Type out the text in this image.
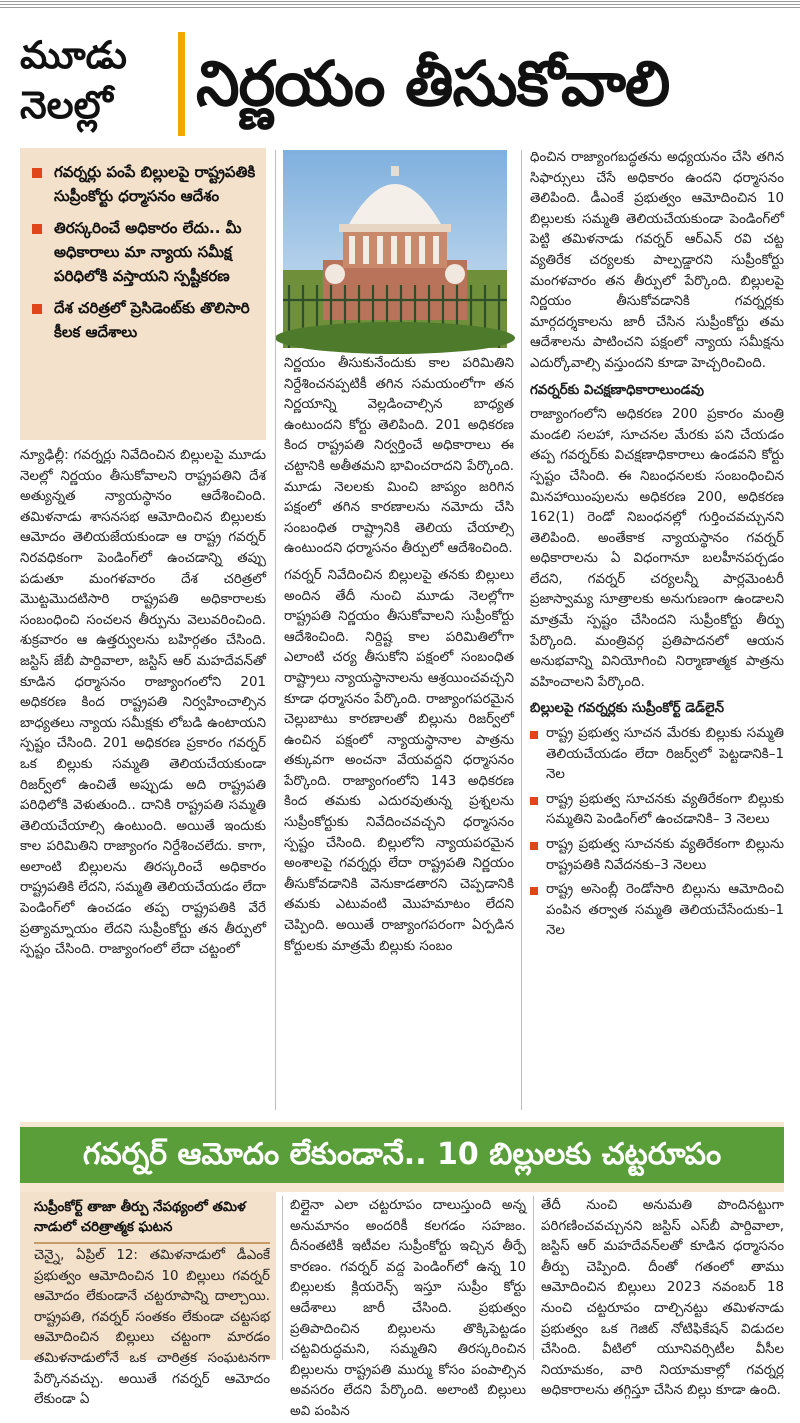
మూడు
నెలల్లో	నిర్ణయం తీసుకోవాలి
గవర్నర్లు పంపే బిల్లులపై రాష్ట్రపతికి సుప్రీంకోర్టు ధర్మాసనం ఆదేశం
తిరస్కరించే అధికారం లేదు.. మీ అధికారాలు మా న్యాయ సమీక్ష పరిధిలోకి వస్తాయని స్పష్టీకరణ
దేశ చరిత్రలో ప్రెసిడెంట్‌కు తొలిసారి కీలక ఆదేశాలు

న్యూఢిల్లీ: గవర్నర్లు నివేదించిన బిల్లులపై మూడు నెలల్లో నిర్ణయం తీసుకోవాలని రాష్ట్రపతిని దేశ అత్యున్నత న్యాయస్థానం ఆదేశించింది. తమిళనాడు శాసనసభ ఆమోదించిన బిల్లులకు ఆమోదం తెలియజేయకుండా ఆ రాష్ట్ర గవర్నర్ నిరవధికంగా పెండింగ్‌లో ఉంచడాన్ని తప్పు పడుతూ మంగళవారం దేశ చరిత్రలో మొట్టమొదటిసారి రాష్ట్రపతి అధికారాలకు సంబంధించి సంచలన తీర్పును వెలువరించింది. శుక్రవారం ఆ ఉత్తర్వులను బహిర్గతం చేసింది. జస్టిస్ జేబీ పార్దివాలా, జస్టిస్ ఆర్ మహదేవన్‌తో కూడిన ధర్మాసనం రాజ్యాంగంలోని 201 అధికరణ కింద రాష్ట్రపతి నిర్వహించాల్సిన బాధ్యతలు న్యాయ సమీక్షకు లోబడి ఉంటాయని స్పష్టం చేసింది. 201 అధికరణ ప్రకారం గవర్నర్ ఒక బిల్లుకు సమ్మతి తెలియచేయకుండా రిజర్వ్‌లో ఉంచితే అప్పుడు అది రాష్ట్రపతి పరిధిలోకి వెళుతుంది.. దానికి రాష్ట్రపతి సమ్మతి తెలియచేయాల్సి ఉంటుంది. అయితే ఇందుకు కాల పరిమితిని రాజ్యాంగం నిర్దేశించలేదు. కాగా, అలాంటి బిల్లులను తిరస్కరించే అధికారం రాష్ట్రపతికి లేదని, సమ్మతి తెలియచేయడం లేదా పెండింగ్‌లో ఉంచడం తప్ప రాష్ట్రపతికి వేరే ప్రత్యామ్నాయం లేదని సుప్రీంకోర్టు తన తీర్పులో స్పష్టం చేసింది. రాజ్యాంగంలో లేదా చట్టంలో

నిర్ణయం తీసుకునేందుకు కాల పరిమితిని నిర్దేశించనప్పటికీ తగిన సమయంలోగా తన నిర్ణయాన్ని వెల్లడించాల్సిన బాధ్యత ఉంటుందని కోర్టు తెలిపింది. 201 అధికరణ కింద రాష్ట్రపతి నిర్వర్తించే అధికారాలు ఈ చట్టానికి అతీతమని భావించరాదని పేర్కొంది. మూడు నెలలకు మించి జాప్యం జరిగిన పక్షంలో తగిన కారణాలను నమోదు చేసి సంబంధిత రాష్ట్రానికి తెలియ చేయాల్సి ఉంటుందని ధర్మాసనం తీర్పులో ఆదేశించింది.

గవర్నర్ నివేదించిన బిల్లులపై తనకు బిల్లులు అందిన తేదీ నుంచి మూడు నెలల్లోగా రాష్ట్రపతి నిర్ణయం తీసుకోవాలని సుప్రీంకోర్టు ఆదేశించింది. నిర్దిష్ట కాల పరిమితిలోగా ఎలాంటి చర్య తీసుకోని పక్షంలో సంబంధిత రాష్ట్రాలు న్యాయస్థానాలను ఆశ్రయించవచ్చని కూడా ధర్మాసనం పేర్కొంది. రాజ్యాంగపరమైన చెల్లుబాటు కారణాలతో బిల్లును రిజర్వ్‌లో ఉంచిన పక్షంలో న్యాయస్థానాల పాత్రను తక్కువగా అంచనా వేయవద్దని ధర్మాసనం పేర్కొంది. రాజ్యాంగంలోని 143 అధికరణ కింద తమకు ఎదురవుతున్న ప్రశ్నలను సుప్రీంకోర్టుకు నివేదించవచ్చని ధర్మాసనం స్పష్టం చేసింది. బిల్లులోని న్యాయపరమైన అంశాలపై గవర్నర్లు లేదా రాష్ట్రపతి నిర్ణయం తీసుకోవడానికి వెనుకాడతారని చెప్పడానికి తమకు ఎటువంటి మొహమాటం లేదని చెప్పింది. అయితే రాజ్యాంగపరంగా ఏర్పడిన కోర్టులకు మాత్రమే బిల్లుకు సంబం

ధించిన రాజ్యాంగబద్ధతను అధ్యయనం చేసి తగిన సిఫార్సులు చేసే అధికారం ఉందని ధర్మాసనం తెలిపింది. డీఎంకే ప్రభుత్వం ఆమోదించిన 10 బిల్లులకు సమ్మతి తెలియచేయకుండా పెండింగ్‌లో పెట్టి తమిళనాడు గవర్నర్ ఆర్‌ఎన్ రవి చట్ట వ్యతిరేక చర్యలకు పాల్పడ్డారని సుప్రీంకోర్టు మంగళవారం తన తీర్పులో పేర్కొంది. బిల్లులపై నిర్ణయం తీసుకోవడానికి గవర్నర్లకు మార్గదర్శకాలను జారీ చేసిన సుప్రీంకోర్టు తమ ఆదేశాలను పాటించని పక్షంలో న్యాయ సమీక్షను ఎదుర్కోవాల్సి వస్తుందని కూడా హెచ్చరించింది.

గవర్నర్‌కు విచక్షణాధికారాలుండవు

రాజ్యాంగంలోని అధికరణ 200 ప్రకారం మంత్రి మండలి సలహా, సూచనల మేరకు పని చేయడం తప్ప గవర్నర్‌కు విచక్షణాధికారాలు ఉండవని కోర్టు స్పష్టం చేసింది. ఈ నిబంధనలకు సంబంధించిన మినహాయింపులను అధికరణ 200, అధికరణ 162(1) రెండో నిబంధనల్లో గుర్తించవచ్చునని తెలిపింది. అంతేకాక న్యాయస్థానం గవర్నర్ అధికారాలను ఏ విధంగానూ బలహీనపర్చడం లేదని, గవర్నర్ చర్యలన్నీ పార్లమెంటరీ ప్రజాస్వామ్య సూత్రాలకు అనుగుణంగా ఉండాలని మాత్రమే స్పష్టం చేసిందని సుప్రీంకోర్టు తీర్పు పేర్కొంది. మంత్రివర్గ ప్రతిపాదనలో ఆయన అనుభవాన్ని వినియోగించి నిర్మాణాత్మక పాత్రను వహించాలని పేర్కొంది.

బిల్లులపై గవర్నర్లకు సుప్రీంకోర్ట్ డెడ్‌లైన్
రాష్ట్ర ప్రభుత్వ సూచన మేరకు బిల్లుకు సమ్మతి తెలియచేయడం లేదా రిజర్వ్‌లో పెట్టడానికి–1 నెల
రాష్ట్ర ప్రభుత్వ సూచనకు వ్యతిరేకంగా బిల్లుకు సమ్మతిని పెండింగ్‌లో ఉంచడానికి– 3 నెలలు
రాష్ట్ర ప్రభుత్వ సూచనకు వ్యతిరేకంగా బిల్లును రాష్ట్రపతికి నివేదనకు–3 నెలలు
రాష్ట్ర అసెంబ్లీ రెండోసారి బిల్లును ఆమోదించి పంపిన తర్వాత సమ్మతి తెలియచేసేందుకు–1 నెల
గవర్నర్ ఆమోదం లేకుండానే.. 10 బిల్లులకు చట్టరూపం
సుప్రీంకోర్ట్ తాజా తీర్పు నేపథ్యంలో తమిళ నాడులో చరిత్రాత్మక ఘటన

చెన్నై, ఏప్రిల్ 12: తమిళనాడులో డీఎంకే ప్రభుత్వం ఆమోదించిన 10 బిల్లులు గవర్నర్ ఆమోదం లేకుండానే చట్టరూపాన్ని దాల్చాయి. రాష్ట్రపతి, గవర్నర్ సంతకం లేకుండా చట్టసభ ఆమోదించిన బిల్లులు చట్టంగా మారడం తమిళనాడులోనే ఒక చారిత్రక సంఘటనగా పేర్కొనవచ్చు. అయితే గవర్నర్ ఆమోదం లేకుండా ఏ

బిల్లైనా ఎలా చట్టరూపం దాలుస్తుంది అన్న అనుమానం అందరికీ కలగడం సహజం. దీనంతటికీ ఇటీవల సుప్రీంకోర్టు ఇచ్చిన తీర్పే కారణం. గవర్నర్ వద్ద పెండింగ్‌లో ఉన్న 10 బిల్లులకు క్లియరెన్స్ ఇస్తూ సుప్రీం కోర్టు ఆదేశాలు జారీ చేసింది. ప్రభుత్వం ప్రతిపాదించిన బిల్లులను తొక్కిపెట్టడం చట్టవిరుద్ధమని, సమ్మతిని తిరస్కరించిన బిల్లులను రాష్ట్రపతి ముర్ము కోసం పంపాల్సిన అవసరం లేదని పేర్కొంది. అలాంటి బిల్లులు అవి పంపిన

తేదీ నుంచి అనుమతి పొందినట్టుగా పరిగణించవచ్చునని జస్టిస్ ఎస్‌బీ పార్దివాలా, జస్టిస్ ఆర్ మహదేవన్‌లతో కూడిన ధర్మాసనం తీర్పు చెప్పింది. దీంతో గతంలో తాము ఆమోదించిన బిల్లులు 2023 నవంబర్ 18 నుంచి చట్టరూపం దాల్చినట్టు తమిళనాడు ప్రభుత్వం ఒక గెజిట్ నోటిఫికేషన్ విడుదల చేసింది. వీటిలో యూనివర్సిటీల వీసీల నియామకం, వారి నియామకాల్లో గవర్నర్ల అధికారాలను తగ్గిస్తూ చేసిన బిల్లు కూడా ఉంది.
